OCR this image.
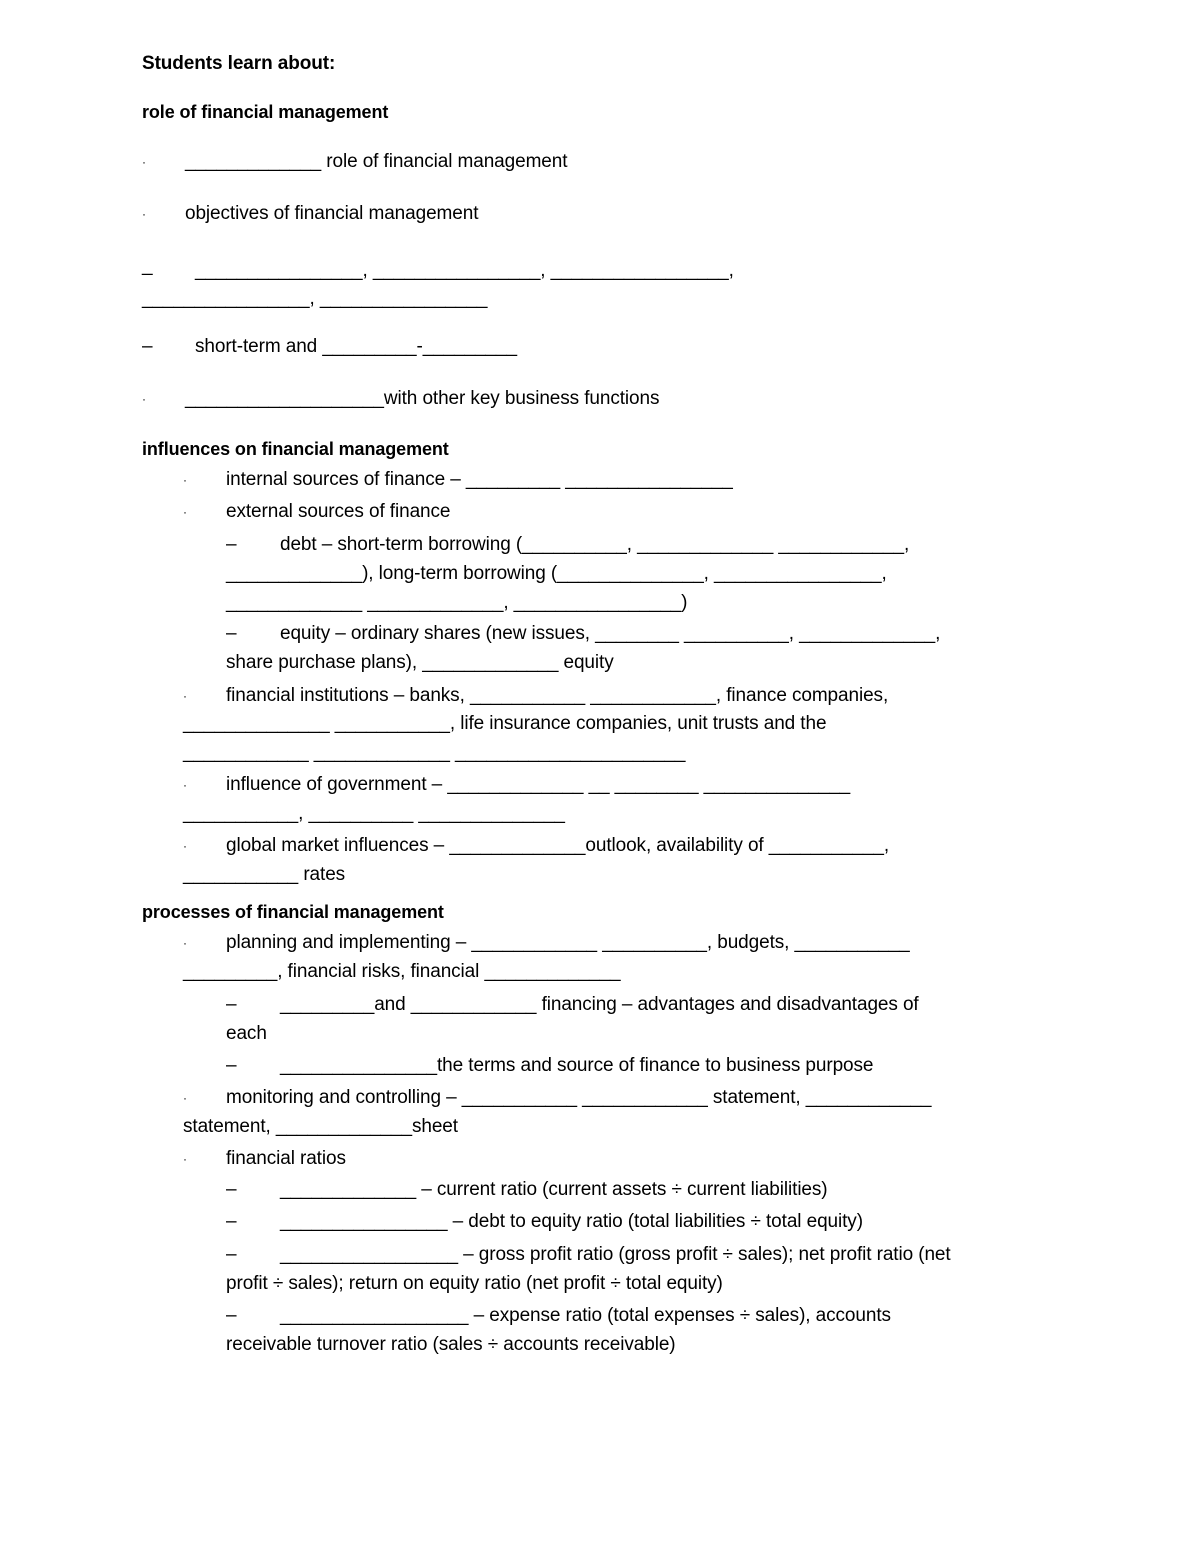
Students learn about:
role of financial management
· _____________ role of financial management
· objectives of financial management
_ ________________, ________________, _________________,
________________, ________________
– short-term and _________-_________
· ___________________with other key business functions
influences on financial management
· internal sources of finance – _________ ________________
· external sources of finance
– debt – short-term borrowing (__________, _____________ ____________,
_____________), long-term borrowing (______________, ________________,
_____________ _____________, ________________)
– equity – ordinary shares (new issues, ________ __________, _____________,
share purchase plans), _____________ equity
· financial institutions – banks, ___________ ____________, finance companies,
______________ ___________, life insurance companies, unit trusts and the
____________ _____________ ______________________
· influence of government – _____________ __ ________ ______________
___________, __________ ______________
· global market influences – _____________outlook, availability of ___________,
___________ rates
processes of financial management
· planning and implementing – ____________ __________, budgets, ___________
_________, financial risks, financial _____________
– _________and ____________ financing – advantages and disadvantages of
each
– _______________the terms and source of finance to business purpose
· monitoring and controlling – ___________ ____________ statement, ____________
statement, _____________sheet
· financial ratios
– _____________ – current ratio (current assets ÷ current liabilities)
– ________________ – debt to equity ratio (total liabilities ÷ total equity)
– _________________ – gross profit ratio (gross profit ÷ sales); net profit ratio (net
profit ÷ sales); return on equity ratio (net profit ÷ total equity)
– __________________ – expense ratio (total expenses ÷ sales), accounts
receivable turnover ratio (sales ÷ accounts receivable)
